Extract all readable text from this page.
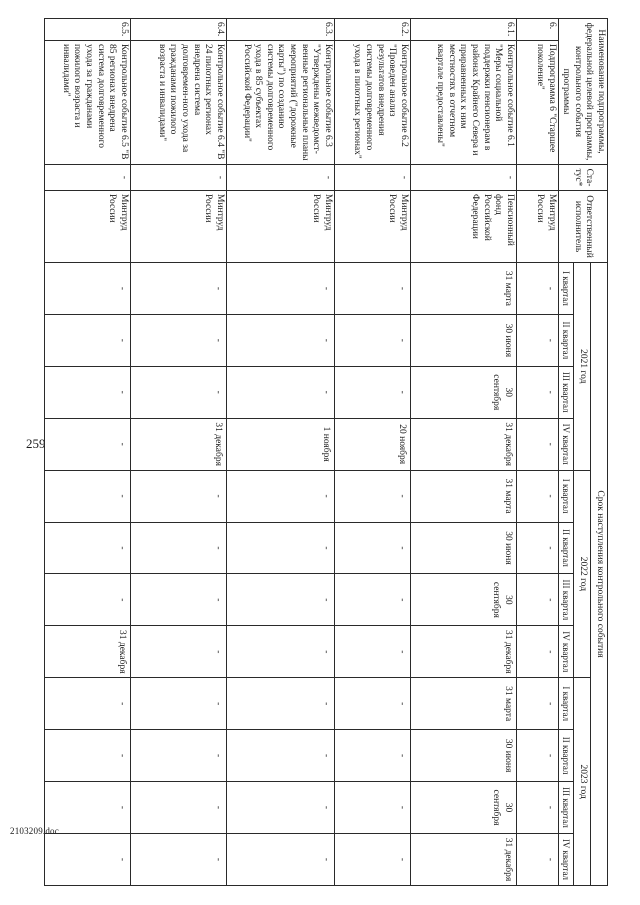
259
2103209.doc
Наименование подпрограммы, федеральной целевой программы, контрольного события программы		Ста-тус*	Ответственный исполнитель	Срок наступления контрольного события											
				2021 год				2022 год				2023 год			
				I квартал	II квартал	III квартал	IV квартал	I квартал	II квартал	III квартал	IV квартал	I квартал	II квартал	III квартал	IV квартал
6.	Подпрограмма 6 "Старшее поколение"		Минтруд России	-	-	-	-	-	-	-	-	-	-	-	-
6.1.	Контрольное событие 6.1 "Меры социальной поддержки пенсионерам в районах Крайнего Севера и приравненных к ним местностях в отчетном квартале предоставлены"	-	Пенсионный фонд Российской Федерации	31 марта	30 июня	30 сентября	31 декабря	31 марта	30 июня	30 сентября	31 декабря	31 марта	30 июня	30 сентября	31 декабря
6.2.	Контрольное событие 6.2 "Проведен анализ результатов внедрения системы долговременного ухода в пилотных регионах"	-	Минтруд России	-	-	-	20 ноября	-	-	-	-	-	-	-	-
6.3.	Контрольное событие 6.3 "Утверждены межведомст-венные региональные планы мероприятий ("дорожные карты") по созданию системы долговременного ухода в 85 субъектах Российской Федерации"	-	Минтруд России	-	-	-	1 ноября	-	-	-	-	-	-	-	-
6.4.	Контрольное событие 6.4 "В 24 пилотных регионах внедрена система долговремен-ного ухода за гражданами пожилого возраста и инвалидами"	-	Минтруд России	-	-	-	31 декабря	-	-	-	-	-	-	-	-
6.5.	Контрольное событие 6.5 "В 85 регионах внедрена система долговременного ухода за гражданами пожилого возраста и инвалидами"	-	Минтруд России	-	-	-	-	-	-	-	31 декабря	-	-	-	-
